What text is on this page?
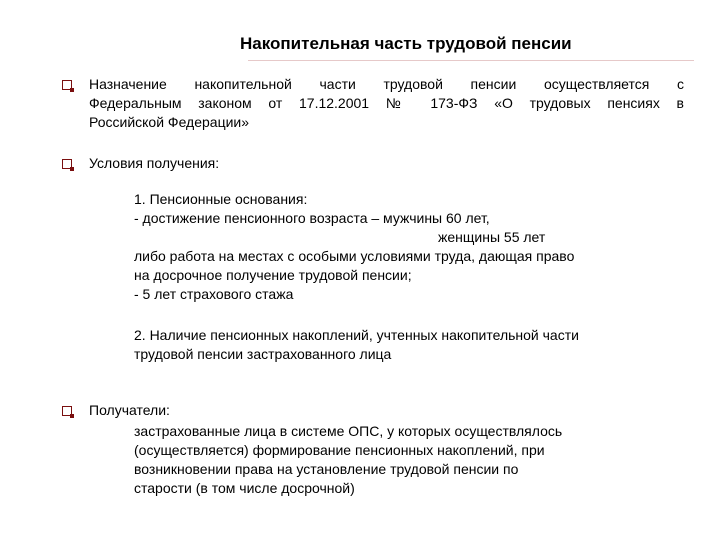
Накопительная часть трудовой пенсии
Назначение накопительной части трудовой пенсии осуществляется с
Федеральным законом от 17.12.2001 № 173-ФЗ «О трудовых пенсиях в
Российской Федерации»
Условия получения:
1. Пенсионные основания:
- достижение пенсионного возраста – мужчины 60 лет,
женщины 55 лет
либо работа на местах с особыми условиями труда, дающая право
на досрочное получение трудовой пенсии;
- 5 лет страхового стажа
2. Наличие пенсионных накоплений, учтенных накопительной части
трудовой пенсии застрахованного лица
Получатели:
застрахованные лица в системе ОПС, у которых осуществлялось
(осуществляется) формирование пенсионных накоплений, при
возникновении права на установление трудовой пенсии по
старости (в том числе досрочной)
